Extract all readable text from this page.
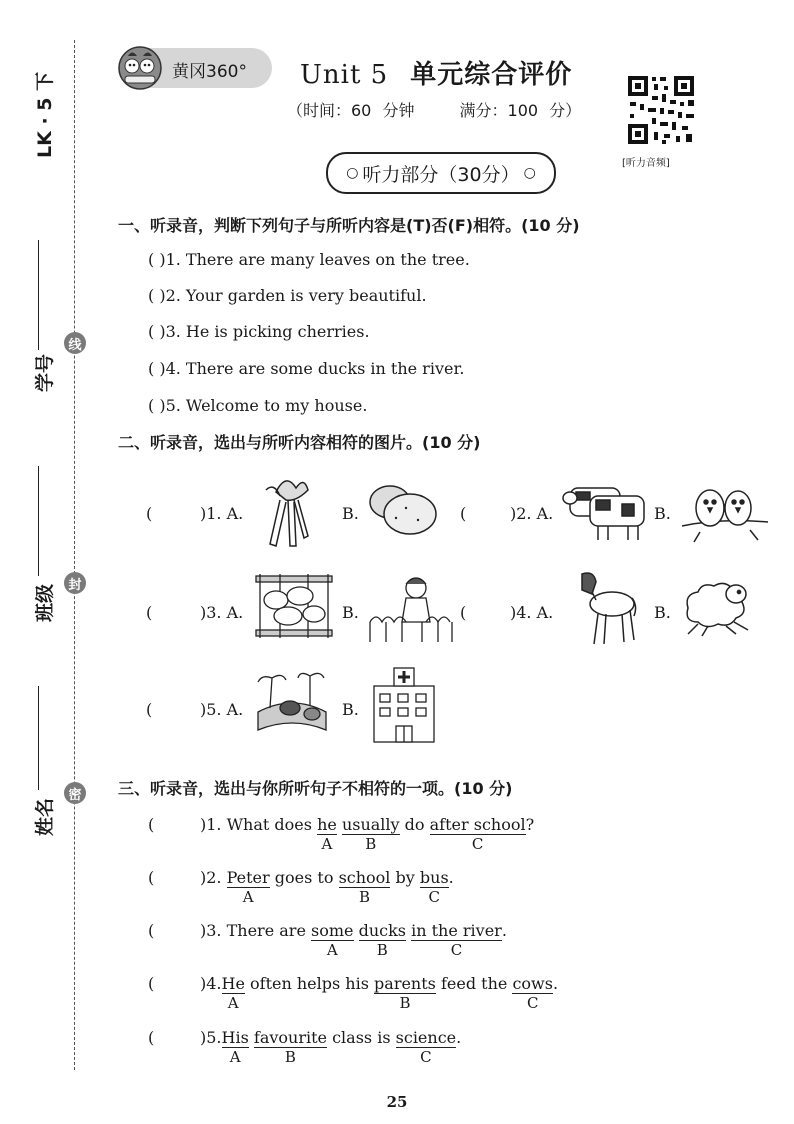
LK · 5 下
学号
班级
姓名
线
封
密
黄冈360° Unit 5 单元综合评价
（时间：60 分钟	满分：100 分）
[听力音频]
○ 听力部分（30分） ○
一、听录音，判断下列句子与所听内容是(T)否(F)相符。(10 分)
( )1. There are many leaves on the tree.
( )2. Your garden is very beautiful.
( )3. He is picking cherries.
( )4. There are some ducks in the river.
( )5. Welcome to my house.
二、听录音，选出与所听内容相符的图片。(10 分)
(	)1. A.	B.	(	)2. A.	B.
(	)3. A.	B.	(	)4. A.	B.
(	)5. A.	B.
三、听录音，选出与你所听句子不相符的一项。(10 分)
(	)1. What does he
A
usually
B
do after school
C
?
(	)2. Peter
A
goes to school
B
by bus
C
.
(	)3. There are some
A
ducks
B
in the river
C
.
(	)4.He
A
often helps his parents
B
feed the cows
C
.
(	)5.His
A
favourite
B
class is science
C
.
25
